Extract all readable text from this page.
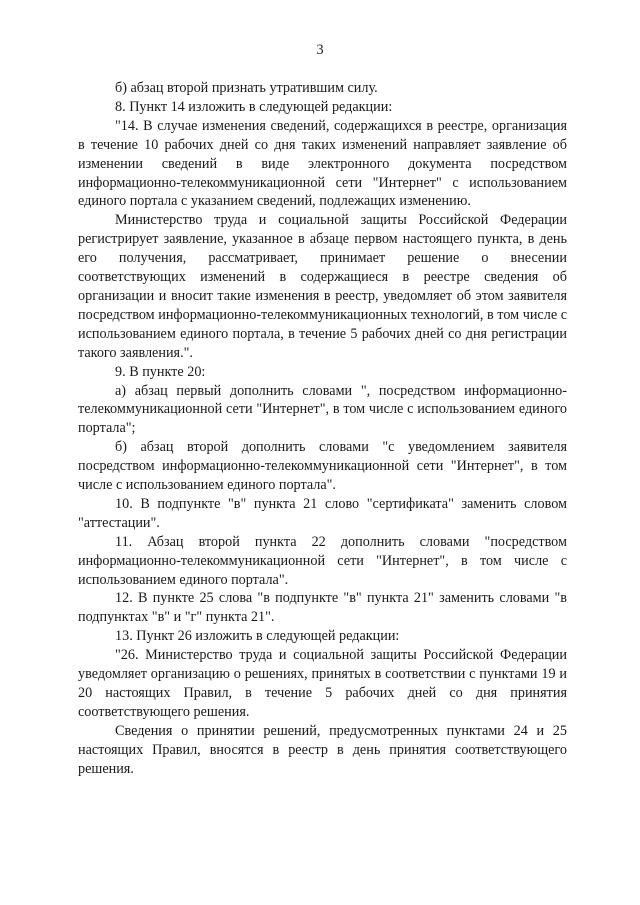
3

б) абзац второй признать утратившим силу.

8. Пункт 14 изложить в следующей редакции:

"14. В случае изменения сведений, содержащихся в реестре, организация в течение 10 рабочих дней со дня таких изменений направляет заявление об изменении сведений в виде электронного документа посредством информационно-телекоммуникационной сети "Интернет" с использованием единого портала с указанием сведений, подлежащих изменению.

Министерство труда и социальной защиты Российской Федерации регистрирует заявление, указанное в абзаце первом настоящего пункта, в день его получения, рассматривает, принимает решение о внесении соответствующих изменений в содержащиеся в реестре сведения об организации и вносит такие изменения в реестр, уведомляет об этом заявителя посредством информационно-телекоммуникационных технологий, в том числе с использованием единого портала, в течение 5 рабочих дней со дня регистрации такого заявления.".

9. В пункте 20:

а) абзац первый дополнить словами ", посредством информационно-телекоммуникационной сети "Интернет", в том числе с использованием единого портала";

б) абзац второй дополнить словами "с уведомлением заявителя посредством информационно-телекоммуникационной сети "Интернет", в том числе с использованием единого портала".

10. В подпункте "в" пункта 21 слово "сертификата" заменить словом "аттестации".

11. Абзац второй пункта 22 дополнить словами "посредством информационно-телекоммуникационной сети "Интернет", в том числе с использованием единого портала".

12. В пункте 25 слова "в подпункте "в" пункта 21" заменить словами "в подпунктах "в" и "г" пункта 21".

13. Пункт 26 изложить в следующей редакции:

"26. Министерство труда и социальной защиты Российской Федерации уведомляет организацию о решениях, принятых в соответствии с пунктами 19 и 20 настоящих Правил, в течение 5 рабочих дней со дня принятия соответствующего решения.

Сведения о принятии решений, предусмотренных пунктами 24 и 25 настоящих Правил, вносятся в реестр в день принятия соответствующего решения.
